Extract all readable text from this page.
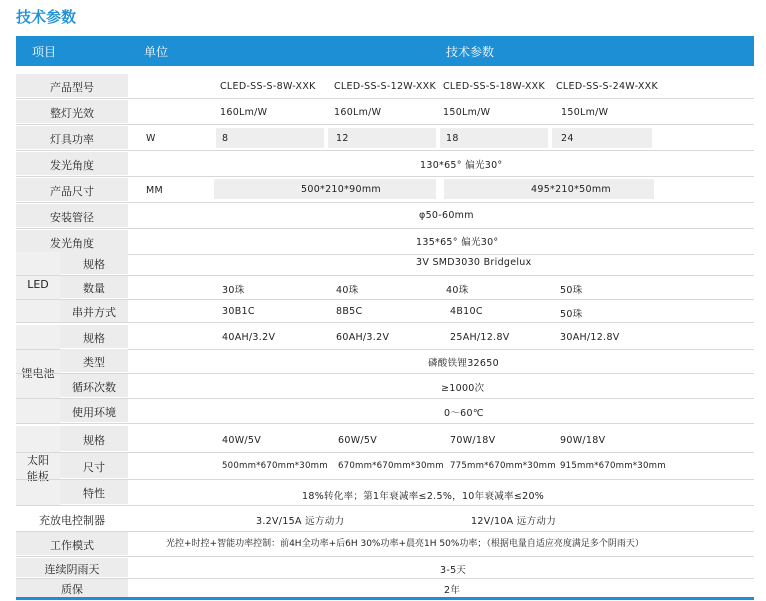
技术参数
项目	单位	技术参数
产品型号	CLED-SS-S-8W-XXK CLED-SS-S-12W-XXK CLED-SS-S-18W-XXK CLED-SS-S-24W-XXK
整灯光效	160Lm/W	160Lm/W	150Lm/W	150Lm/W
灯具功率	W	8	12	18	24
发光角度	130*65° 偏光30°
产品尺寸	MM	500*210*90mm	495*210*50mm
安装管径	φ50-60mm
发光角度	135*65° 偏光30°
LED
规格	3V SMD3030 Bridgelux
数量	30珠	40珠	40珠	50珠
串并方式	30B1C	8B5C	4B10C	50珠
锂电池
规格	40AH/3.2V	60AH/3.2V	25AH/12.8V	30AH/12.8V
类型	磷酸铁锂32650
循环次数	≥1000次
使用环境	0～60℃
太阳
能板
规格	40W/5V	60W/5V	70W/18V	90W/18V
尺寸	500mm*670mm*30mm 670mm*670mm*30mm 775mm*670mm*30mm 915mm*670mm*30mm
特性	18%转化率；第1年衰减率≤2.5%，10年衰减率≤20%
充放电控制器	3.2V/15A 远方动力	12V/10A 远方动力
工作模式	光控+时控+智能功率控制：前4H全功率+后6H 30%功率+晨亮1H 50%功率；（根据电量自适应亮度满足多个阴雨天）
连续阴雨天	3-5天
质保	2年
